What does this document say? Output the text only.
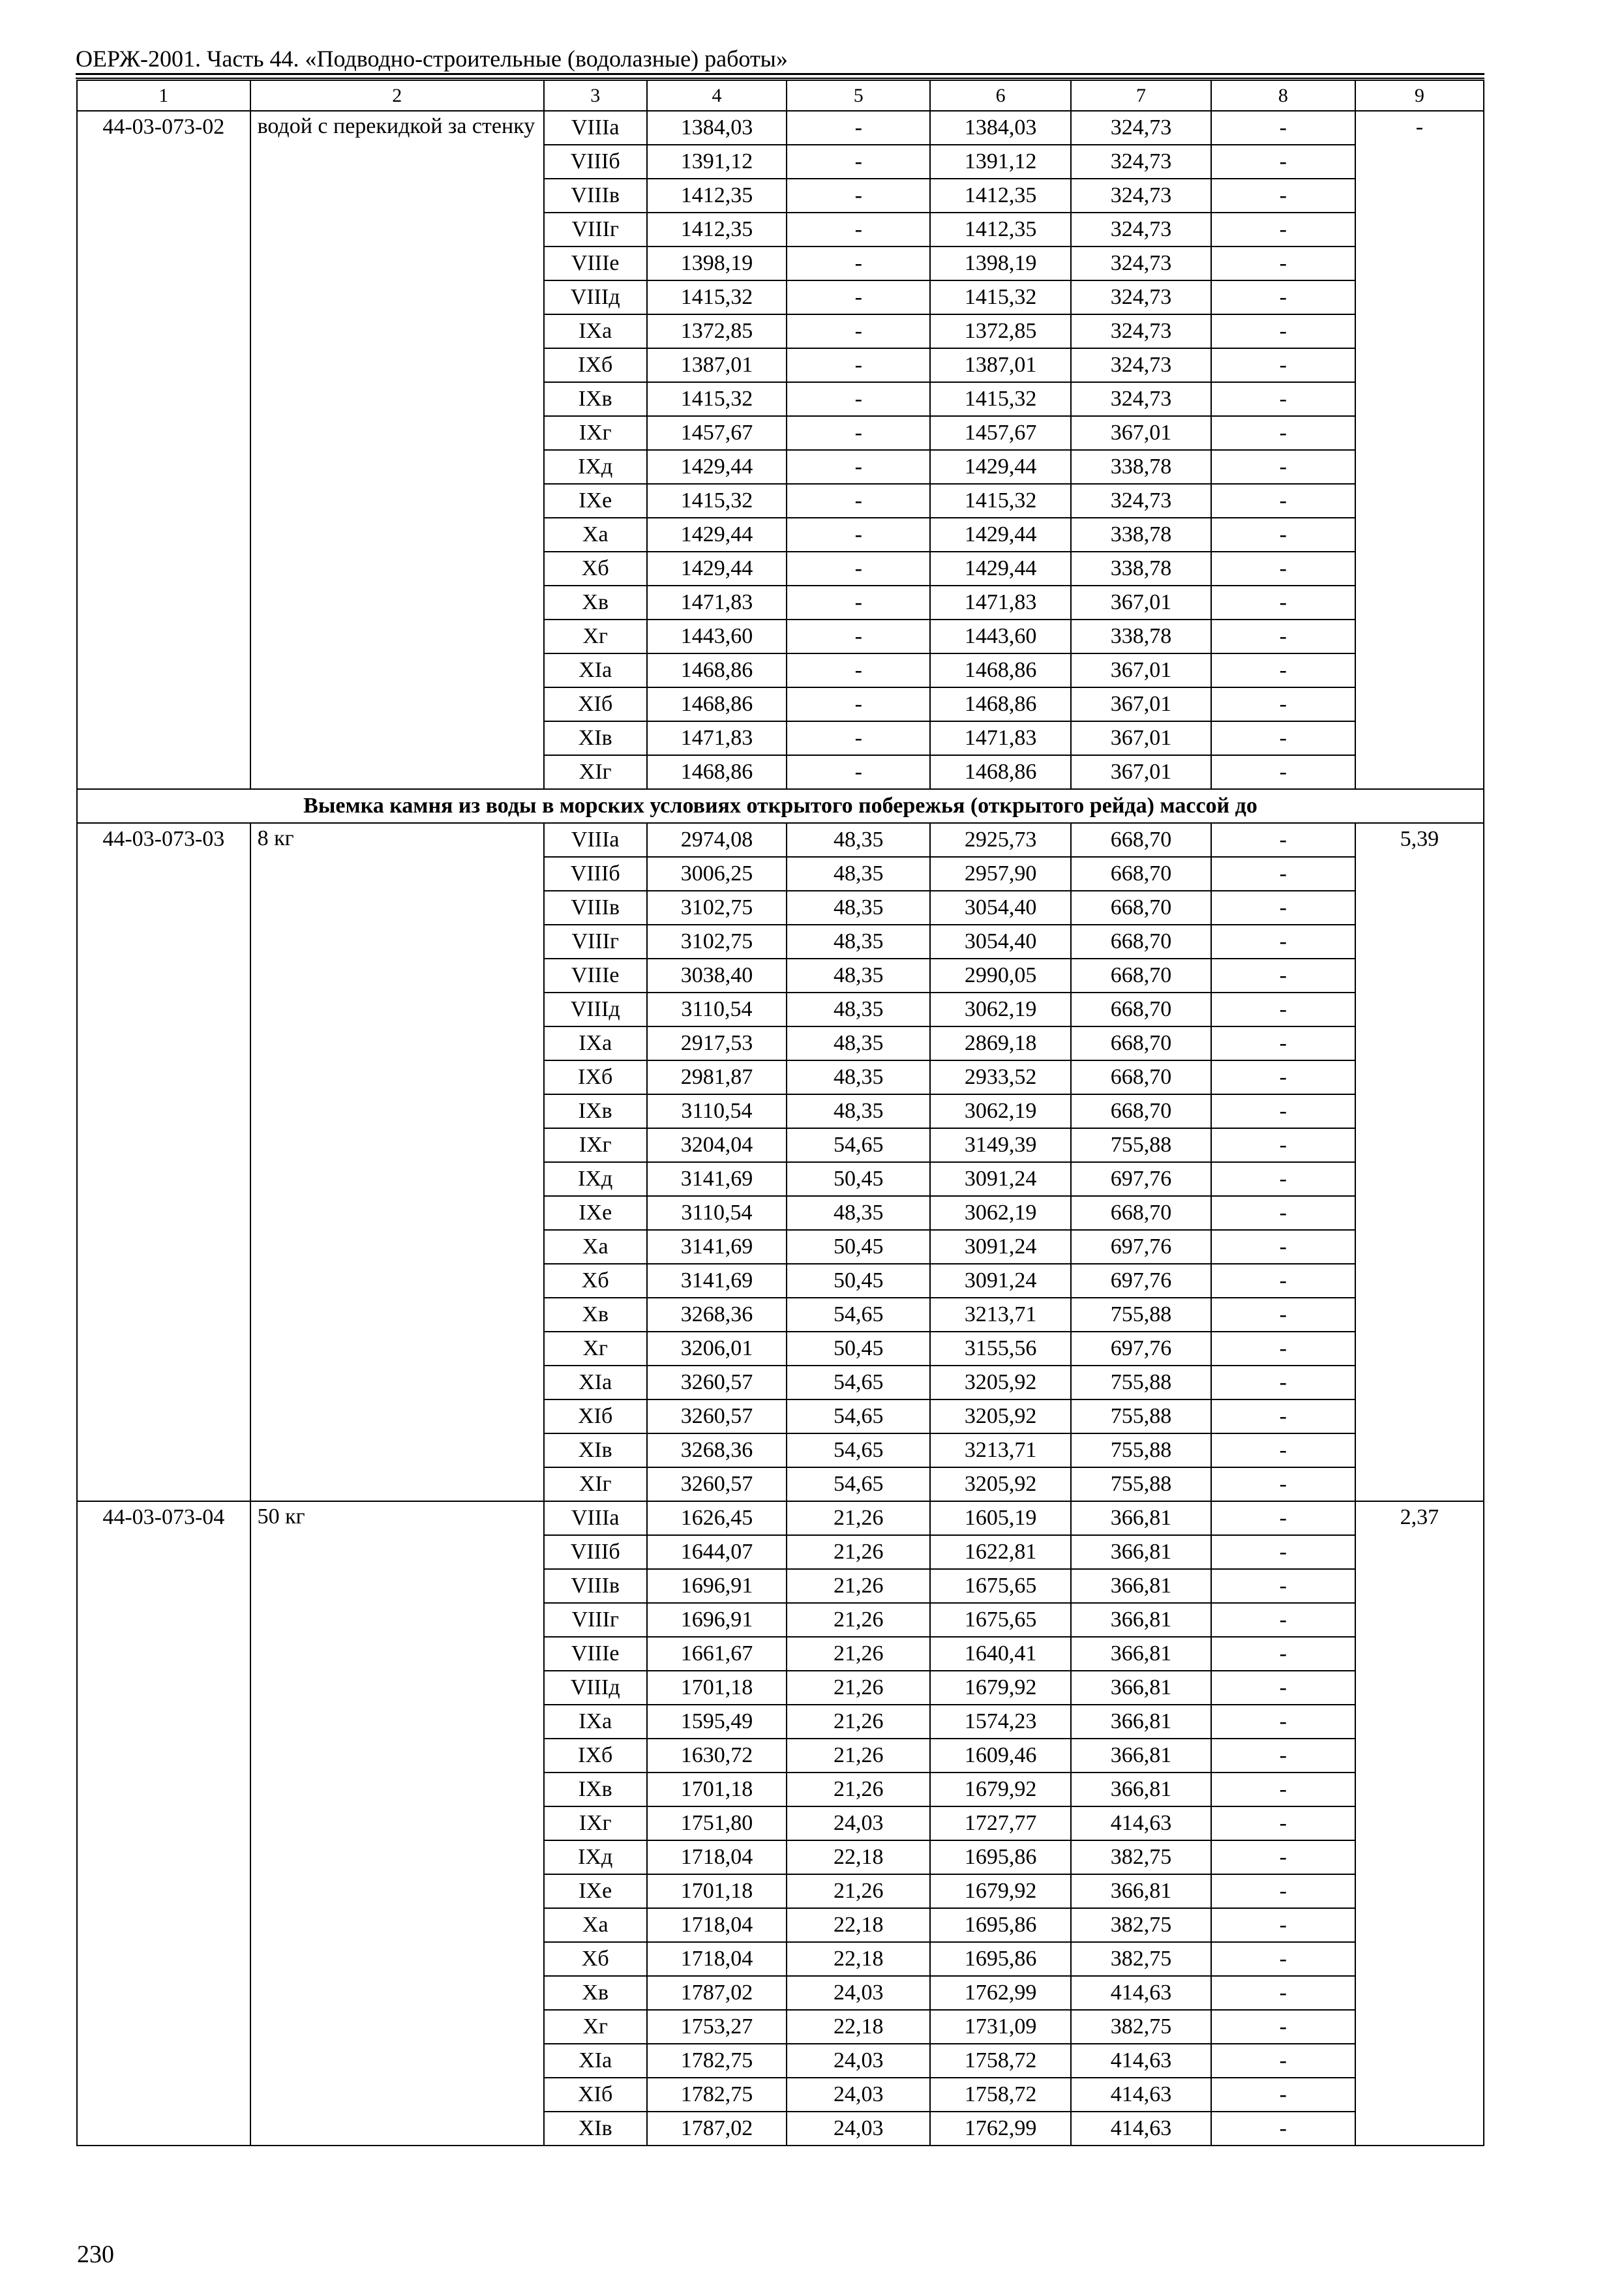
ОЕРЖ-2001. Часть 44. «Подводно-строительные (водолазные) работы»
1	2	3	4	5	6	7	8	9
44-03-073-02	водой с перекидкой за стенку	VIIIа	1384,03	-	1384,03	324,73	-	-
		VIIIб	1391,12	-	1391,12	324,73	-	
		VIIIв	1412,35	-	1412,35	324,73	-	
		VIIIг	1412,35	-	1412,35	324,73	-	
		VIIIе	1398,19	-	1398,19	324,73	-	
		VIIIд	1415,32	-	1415,32	324,73	-	
		IXа	1372,85	-	1372,85	324,73	-	
		IXб	1387,01	-	1387,01	324,73	-	
		IXв	1415,32	-	1415,32	324,73	-	
		IXг	1457,67	-	1457,67	367,01	-	
		IXд	1429,44	-	1429,44	338,78	-	
		IXе	1415,32	-	1415,32	324,73	-	
		Xа	1429,44	-	1429,44	338,78	-	
		Xб	1429,44	-	1429,44	338,78	-	
		Xв	1471,83	-	1471,83	367,01	-	
		Xг	1443,60	-	1443,60	338,78	-	
		XIа	1468,86	-	1468,86	367,01	-	
		XIб	1468,86	-	1468,86	367,01	-	
		XIв	1471,83	-	1471,83	367,01	-	
		XIг	1468,86	-	1468,86	367,01	-	
Выемка камня из воды в морских условиях открытого побережья (открытого рейда) массой до								
44-03-073-03	8 кг	VIIIа	2974,08	48,35	2925,73	668,70	-	5,39
		VIIIб	3006,25	48,35	2957,90	668,70	-	
		VIIIв	3102,75	48,35	3054,40	668,70	-	
		VIIIг	3102,75	48,35	3054,40	668,70	-	
		VIIIе	3038,40	48,35	2990,05	668,70	-	
		VIIIд	3110,54	48,35	3062,19	668,70	-	
		IXа	2917,53	48,35	2869,18	668,70	-	
		IXб	2981,87	48,35	2933,52	668,70	-	
		IXв	3110,54	48,35	3062,19	668,70	-	
		IXг	3204,04	54,65	3149,39	755,88	-	
		IXд	3141,69	50,45	3091,24	697,76	-	
		IXе	3110,54	48,35	3062,19	668,70	-	
		Xа	3141,69	50,45	3091,24	697,76	-	
		Xб	3141,69	50,45	3091,24	697,76	-	
		Xв	3268,36	54,65	3213,71	755,88	-	
		Xг	3206,01	50,45	3155,56	697,76	-	
		XIа	3260,57	54,65	3205,92	755,88	-	
		XIб	3260,57	54,65	3205,92	755,88	-	
		XIв	3268,36	54,65	3213,71	755,88	-	
		XIг	3260,57	54,65	3205,92	755,88	-	
44-03-073-04	50 кг	VIIIа	1626,45	21,26	1605,19	366,81	-	2,37
		VIIIб	1644,07	21,26	1622,81	366,81	-	
		VIIIв	1696,91	21,26	1675,65	366,81	-	
		VIIIг	1696,91	21,26	1675,65	366,81	-	
		VIIIе	1661,67	21,26	1640,41	366,81	-	
		VIIIд	1701,18	21,26	1679,92	366,81	-	
		IXа	1595,49	21,26	1574,23	366,81	-	
		IXб	1630,72	21,26	1609,46	366,81	-	
		IXв	1701,18	21,26	1679,92	366,81	-	
		IXг	1751,80	24,03	1727,77	414,63	-	
		IXд	1718,04	22,18	1695,86	382,75	-	
		IXе	1701,18	21,26	1679,92	366,81	-	
		Xа	1718,04	22,18	1695,86	382,75	-	
		Xб	1718,04	22,18	1695,86	382,75	-	
		Xв	1787,02	24,03	1762,99	414,63	-	
		Xг	1753,27	22,18	1731,09	382,75	-	
		XIа	1782,75	24,03	1758,72	414,63	-	
		XIб	1782,75	24,03	1758,72	414,63	-	
		XIв	1787,02	24,03	1762,99	414,63	-	
230
